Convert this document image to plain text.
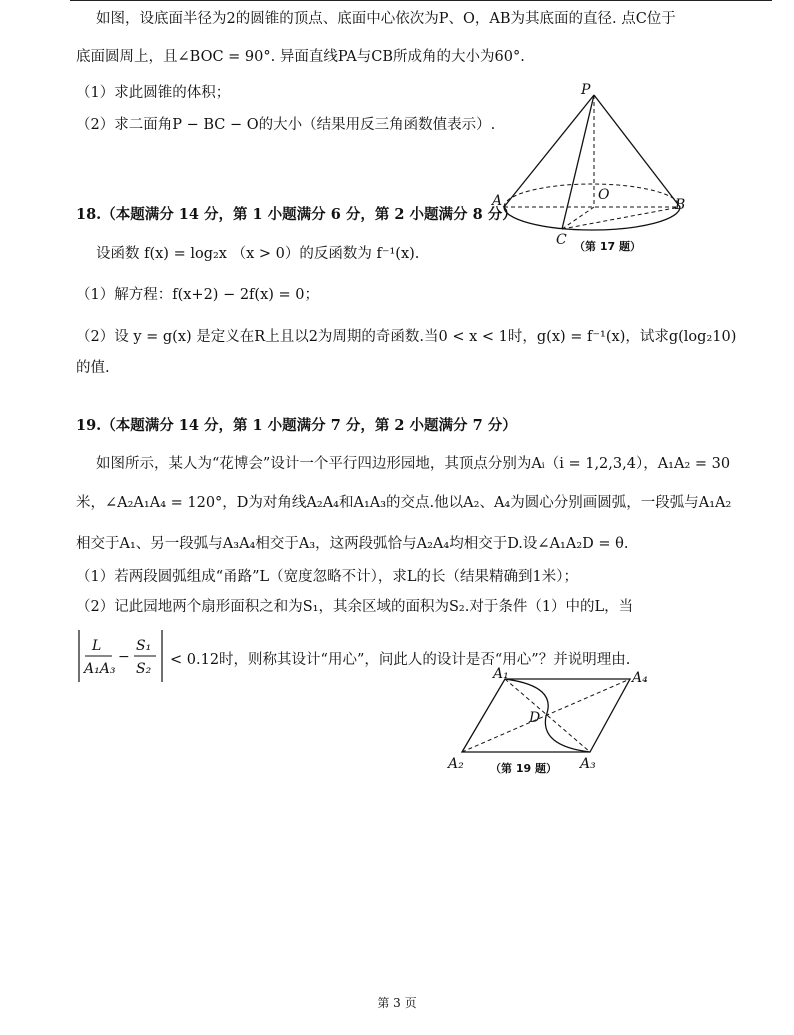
如图，设底面半径为2的圆锥的顶点、底面中心依次为P、O，AB为其底面的直径. 点C位于
底面圆周上，且∠BOC = 90°. 异面直线PA与CB所成角的大小为60°.
（1）求此圆锥的体积；
（2）求二面角P − BC − O的大小（结果用反三角函数值表示）.
P
O
A	B
C （第 17 题）
18.（本题满分 14 分，第 1 小题满分 6 分，第 2 小题满分 8 分）
设函数 f(x) = log₂x （x > 0）的反函数为 f⁻¹(x).
（1）解方程：f(x+2) − 2f(x) = 0；
（2）设 y = g(x) 是定义在R上且以2为周期的奇函数.当0 < x < 1时，g(x) = f⁻¹(x)，试求g(log₂10)
的值.
19.（本题满分 14 分，第 1 小题满分 7 分，第 2 小题满分 7 分）
如图所示，某人为“花博会”设计一个平行四边形园地，其顶点分别为Aᵢ（i = 1,2,3,4），A₁A₂ = 30
米，∠A₂A₁A₄ = 120°，D为对角线A₂A₄和A₁A₃的交点.他以A₂、A₄为圆心分别画圆弧，一段弧与A₁A₂
相交于A₁、另一段弧与A₃A₄相交于A₃，这两段弧恰与A₂A₄均相交于D.设∠A₁A₂D = θ.
（1）若两段圆弧组成“甬路”L（宽度忽略不计），求L的长（结果精确到1米）；
（2）记此园地两个扇形面积之和为S₁，其余区域的面积为S₂.对于条件（1）中的L，当
L
A₁A₃
−
S₁
S₂
< 0.12时，则称其设计“用心”，问此人的设计是否“用心”？并说明理由.
A₁	A₄
D
A₂	A₃
（第 19 题）
第 3 页
